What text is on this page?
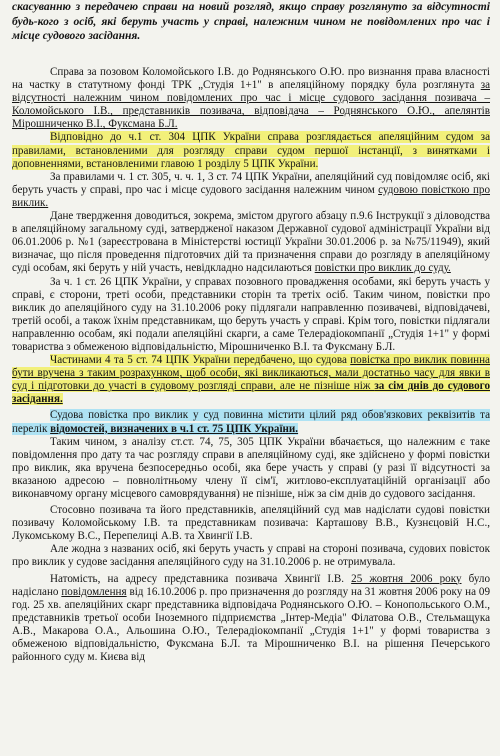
скасуванню з передачею справи на новий розгляд, якщо справу розглянуто за відсутності будь-кого з осіб, які беруть участь у справі, належним чином не повідомлених про час і місце судового засідання.

Справа за позовом Коломойського І.В. до Роднянського О.Ю. про визнання права власності на частку в статутному фонді ТРК „Студія 1+1" в апеляційному порядку була розглянута за відсутності належним чином повідомлених про час і місце судового засідання позивача – Коломойського І.В., представників позивача, відповідача – Роднянського О.Ю., апелянтів Мірошниченко В.І., Фуксмана Б.Л.

Відповідно до ч.1 ст. 304 ЦПК України справа розглядається апеляційним судом за правилами, встановленими для розгляду справи судом першої інстанції, з винятками і доповненнями, встановленими главою 1 розділу 5 ЦПК України.

За правилами ч. 1 ст. 305, ч. ч. 1, 3 ст. 74 ЦПК України, апеляційний суд повідомляє осіб, які беруть участь у справі, про час і місце судового засідання належним чином судовою повісткою про виклик.

Дане твердження доводиться, зокрема, змістом другого абзацу п.9.6 Інструкції з діловодства в апеляційному загальному суді, затвердженої наказом Державної судової адміністрації України від 06.01.2006 р. №1 (зареєстрована в Міністерстві юстиції України 30.01.2006 р. за №75/11949), який визначає, що після проведення підготовчих дій та призначення справи до розгляду в апеляційному суді особам, які беруть у ній участь, невідкладно надсилаються повістки про виклик до суду.

За ч. 1 ст. 26 ЦПК України, у справах позовного провадження особами, які беруть участь у справі, є сторони, треті особи, представники сторін та третіх осіб. Таким чином, повістки про виклик до апеляційного суду на 31.10.2006 року підлягали направленню позивачеві, відповідачеві, третій особі, а також їхнім представникам, що беруть участь у справі. Крім того, повістки підлягали направленню особам, які подали апеляційні скарги, а саме Телерадіокомпанії „Студія 1+1" у формі товариства з обмеженою відповідальністю, Мірошниченко В.І. та Фуксману Б.Л.

Частинами 4 та 5 ст. 74 ЦПК України передбачено, що судова повістка про виклик повинна бути вручена з таким розрахунком, щоб особи, які викликаються, мали достатньо часу для явки в суд і підготовки до участі в судовому розгляді справи, але не пізніше ніж за сім днів до судового засідання.

Судова повістка про виклик у суд повинна містити цілий ряд обов'язкових реквізитів та перелік відомостей, визначених в ч.1 ст. 75 ЦПК України.

Таким чином, з аналізу ст.ст. 74, 75, 305 ЦПК України вбачається, що належним є таке повідомлення про дату та час розгляду справи в апеляційному суді, яке здійснено у формі повістки про виклик, яка вручена безпосередньо особі, яка бере участь у справі (у разі її відсутності за вказаною адресою – повнолітньому члену її сім'ї, житлово-експлуатаційній організації або виконавчому органу місцевого самоврядування) не пізніше, ніж за сім днів до судового засідання.

Стосовно позивача та його представників, апеляційний суд мав надіслати судові повістки позивачу Коломойському І.В. та представникам позивача: Карташову В.В., Кузнєцовій Н.С., Лукомському В.С., Перепелиці А.В. та Хвингії І.В.

Але жодна з названих осіб, які беруть участь у справі на стороні позивача, судових повісток про виклик у судове засідання апеляційного суду на 31.10.2006 р. не отримувала.

Натомість, на адресу представника позивача Хвингії І.В. 25 жовтня 2006 року було надіслано повідомлення від 16.10.2006 р. про призначення до розгляду на 31 жовтня 2006 року на 09 год. 25 хв. апеляційних скарг представника відповідача Роднянського О.Ю. – Конопольського О.М., представників третьої особи Іноземного підприємства „Інтер-Медіа" Філатова О.В., Стельмащука А.В., Макарова О.А., Альошина О.Ю., Телерадіокомпанії „Студія 1+1" у формі товариства з обмеженою відповідальністю, Фуксмана Б.Л. та Мірошниченко В.І. на рішення Печерського районного суду м. Києва від
